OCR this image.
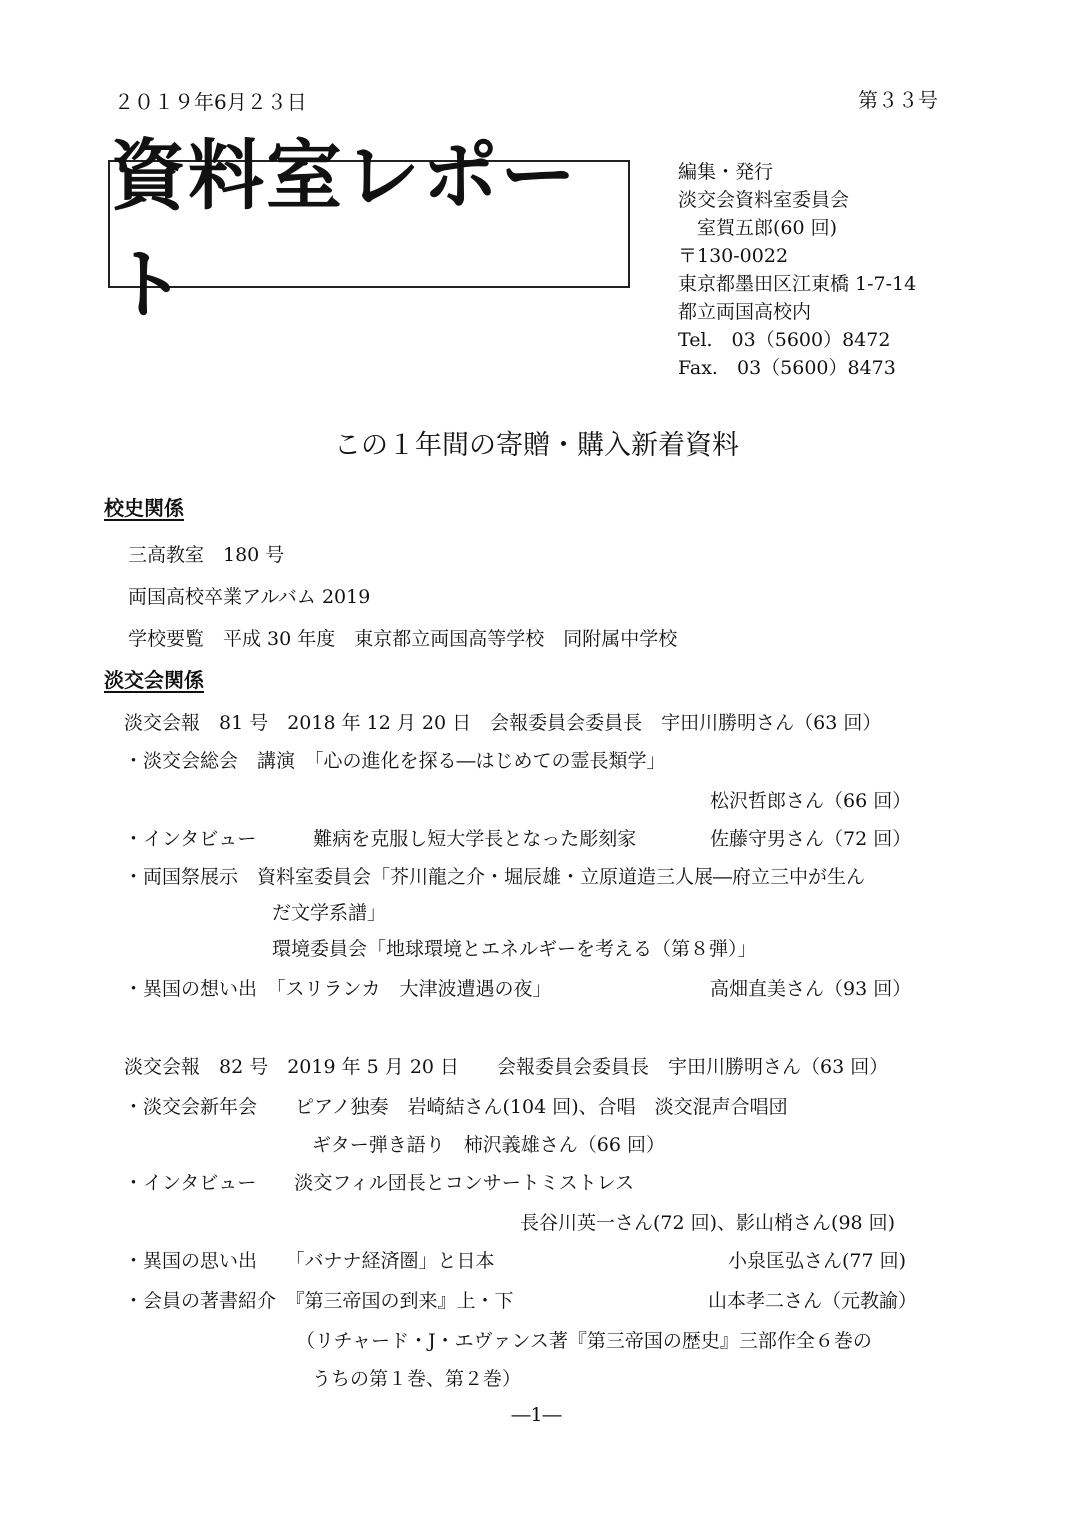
２０１９年6月２３日	第３３号
資料室レポート
編集・発行
淡交会資料室委員会
　室賀五郎(60 回)
〒130-0022
東京都墨田区江東橋 1-7-14
都立両国高校内
Tel.　03（5600）8472
Fax.　03（5600）8473
この１年間の寄贈・購入新着資料
校史関係
三高教室　180 号
両国高校卒業アルバム 2019
学校要覧　平成 30 年度　東京都立両国高等学校　同附属中学校
淡交会関係
淡交会報　81 号　2018 年 12 月 20 日　会報委員会委員長　宇田川勝明さん（63 回）
・淡交会総会　講演　「心の進化を探る―はじめての霊長類学」
松沢哲郎さん（66 回）
・インタビュー　　　難病を克服し短大学長となった彫刻家	佐藤守男さん（72 回）
・両国祭展示　資料室委員会「芥川龍之介・堀辰雄・立原道造三人展―府立三中が生ん
だ文学系譜」
環境委員会「地球環境とエネルギーを考える（第８弾）」
・異国の想い出　「スリランカ　大津波遭遇の夜」	高畑直美さん（93 回）
淡交会報　82 号　2019 年 5 月 20 日　　会報委員会委員長　宇田川勝明さん（63 回）
・淡交会新年会　　ピアノ独奏　岩崎結さん(104 回)、合唱　淡交混声合唱団
ギター弾き語り　柿沢義雄さん（66 回）
・インタビュー　　淡交フィル団長とコンサートミストレス
長谷川英一さん(72 回)、影山梢さん(98 回)
・異国の思い出　　「バナナ経済圏」と日本	小泉匡弘さん(77 回)
・会員の著書紹介　『第三帝国の到来』上・下	山本孝二さん（元教諭）
（リチャード・J・エヴァンス著『第三帝国の歴史』三部作全６巻の
うちの第１巻、第２巻）
―1―
